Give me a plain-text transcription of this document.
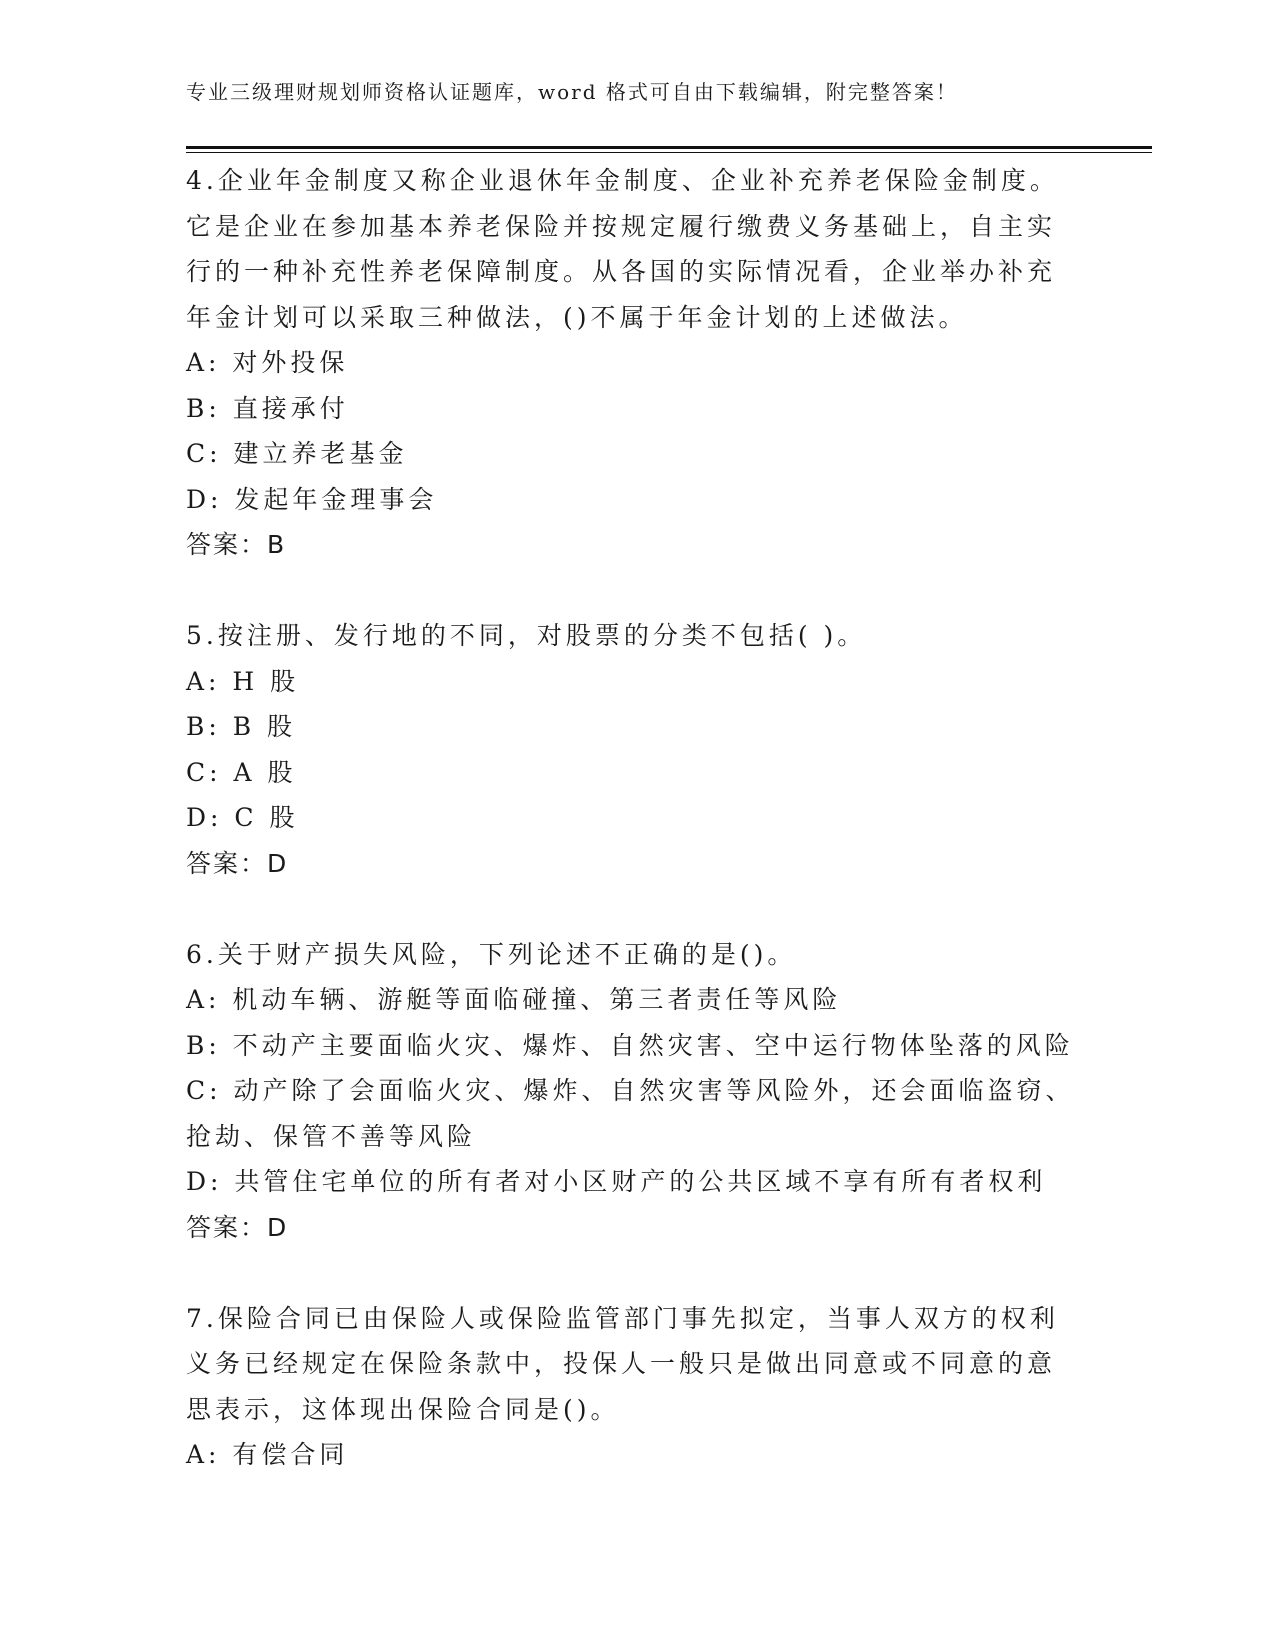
专业三级理财规划师资格认证题库，word 格式可自由下载编辑，附完整答案！
4.企业年金制度又称企业退休年金制度、企业补充养老保险金制度。
它是企业在参加基本养老保险并按规定履行缴费义务基础上，自主实
行的一种补充性养老保障制度。从各国的实际情况看，企业举办补充
年金计划可以采取三种做法，()不属于年金计划的上述做法。
A: 对外投保
B: 直接承付
C: 建立养老基金
D: 发起年金理事会
答案：B
5.按注册、发行地的不同，对股票的分类不包括( )。
A: H 股
B: B 股
C: A 股
D: C 股
答案：D
6.关于财产损失风险，下列论述不正确的是()。
A: 机动车辆、游艇等面临碰撞、第三者责任等风险
B: 不动产主要面临火灾、爆炸、自然灾害、空中运行物体坠落的风险
C: 动产除了会面临火灾、爆炸、自然灾害等风险外，还会面临盗窃、
抢劫、保管不善等风险
D: 共管住宅单位的所有者对小区财产的公共区域不享有所有者权利
答案：D
7.保险合同已由保险人或保险监管部门事先拟定，当事人双方的权利
义务已经规定在保险条款中，投保人一般只是做出同意或不同意的意
思表示，这体现出保险合同是()。
A: 有偿合同
